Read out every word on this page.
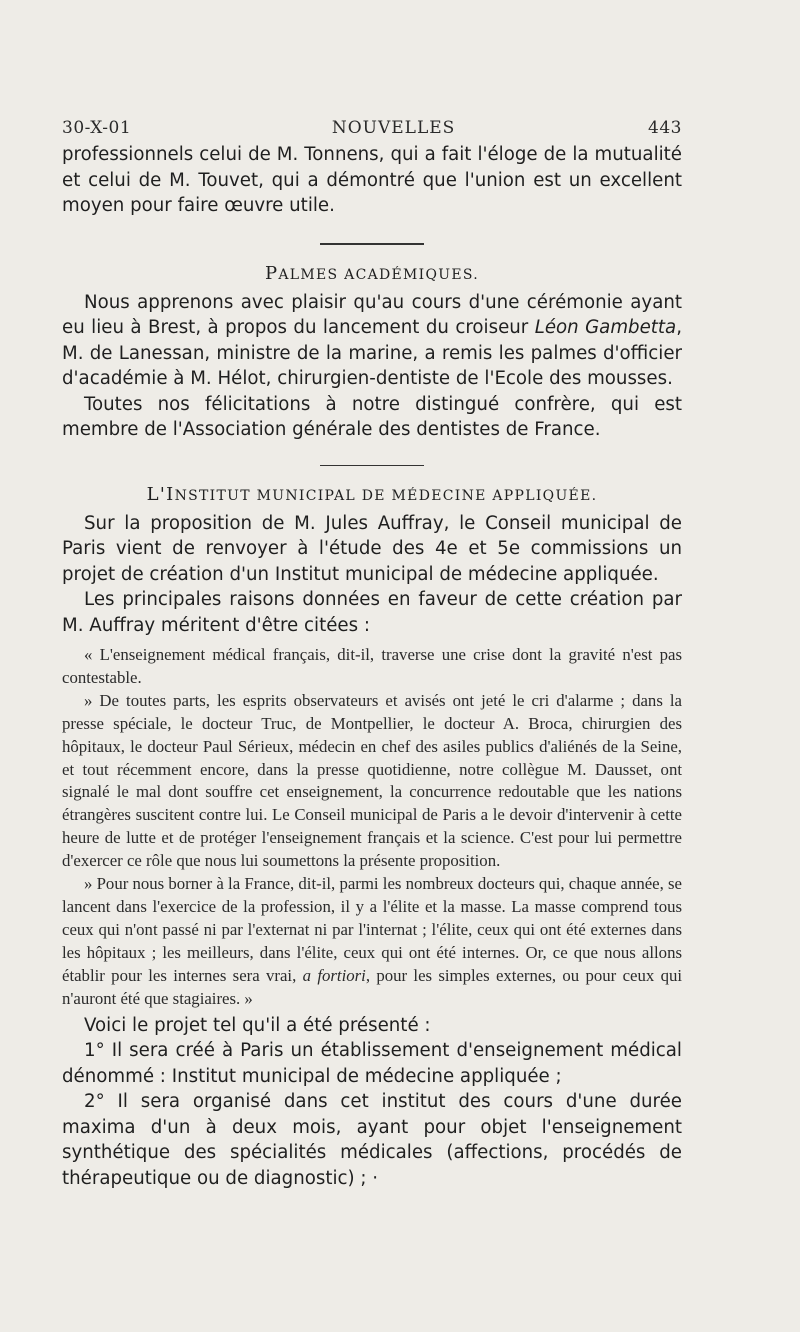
30-X-01	NOUVELLES	443

professionnels celui de M. Tonnens, qui a fait l'éloge de la mutualité et celui de M. Touvet, qui a démontré que l'union est un excellent moyen pour faire œuvre utile.

PALMES ACADÉMIQUES.

Nous apprenons avec plaisir qu'au cours d'une cérémonie ayant eu lieu à Brest, à propos du lancement du croiseur Léon Gambetta, M. de Lanessan, ministre de la marine, a remis les palmes d'officier d'académie à M. Hélot, chirurgien-dentiste de l'Ecole des mousses.

Toutes nos félicitations à notre distingué confrère, qui est membre de l'Association générale des dentistes de France.

L'INSTITUT MUNICIPAL DE MÉDECINE APPLIQUÉE.

Sur la proposition de M. Jules Auffray, le Conseil municipal de Paris vient de renvoyer à l'étude des 4e et 5e commissions un projet de création d'un Institut municipal de médecine appliquée.

Les principales raisons données en faveur de cette création par M. Auffray méritent d'être citées :

« L'enseignement médical français, dit-il, traverse une crise dont la gravité n'est pas contestable.

» De toutes parts, les esprits observateurs et avisés ont jeté le cri d'alarme ; dans la presse spéciale, le docteur Truc, de Montpellier, le docteur A. Broca, chirurgien des hôpitaux, le docteur Paul Sérieux, médecin en chef des asiles publics d'aliénés de la Seine, et tout récemment encore, dans la presse quotidienne, notre collègue M. Dausset, ont signalé le mal dont souffre cet enseignement, la concurrence redoutable que les nations étrangères suscitent contre lui. Le Conseil municipal de Paris a le devoir d'intervenir à cette heure de lutte et de protéger l'enseignement français et la science. C'est pour lui permettre d'exercer ce rôle que nous lui soumettons la présente proposition.

» Pour nous borner à la France, dit-il, parmi les nombreux docteurs qui, chaque année, se lancent dans l'exercice de la profession, il y a l'élite et la masse. La masse comprend tous ceux qui n'ont passé ni par l'externat ni par l'internat ; l'élite, ceux qui ont été externes dans les hôpitaux ; les meilleurs, dans l'élite, ceux qui ont été internes. Or, ce que nous allons établir pour les internes sera vrai, a fortiori, pour les simples externes, ou pour ceux qui n'auront été que stagiaires. »

Voici le projet tel qu'il a été présenté :

1° Il sera créé à Paris un établissement d'enseignement médical dénommé : Institut municipal de médecine appliquée ;

2° Il sera organisé dans cet institut des cours d'une durée maxima d'un à deux mois, ayant pour objet l'enseignement synthétique des spécialités médicales (affections, procédés de thérapeutique ou de diagnostic) ; ·
